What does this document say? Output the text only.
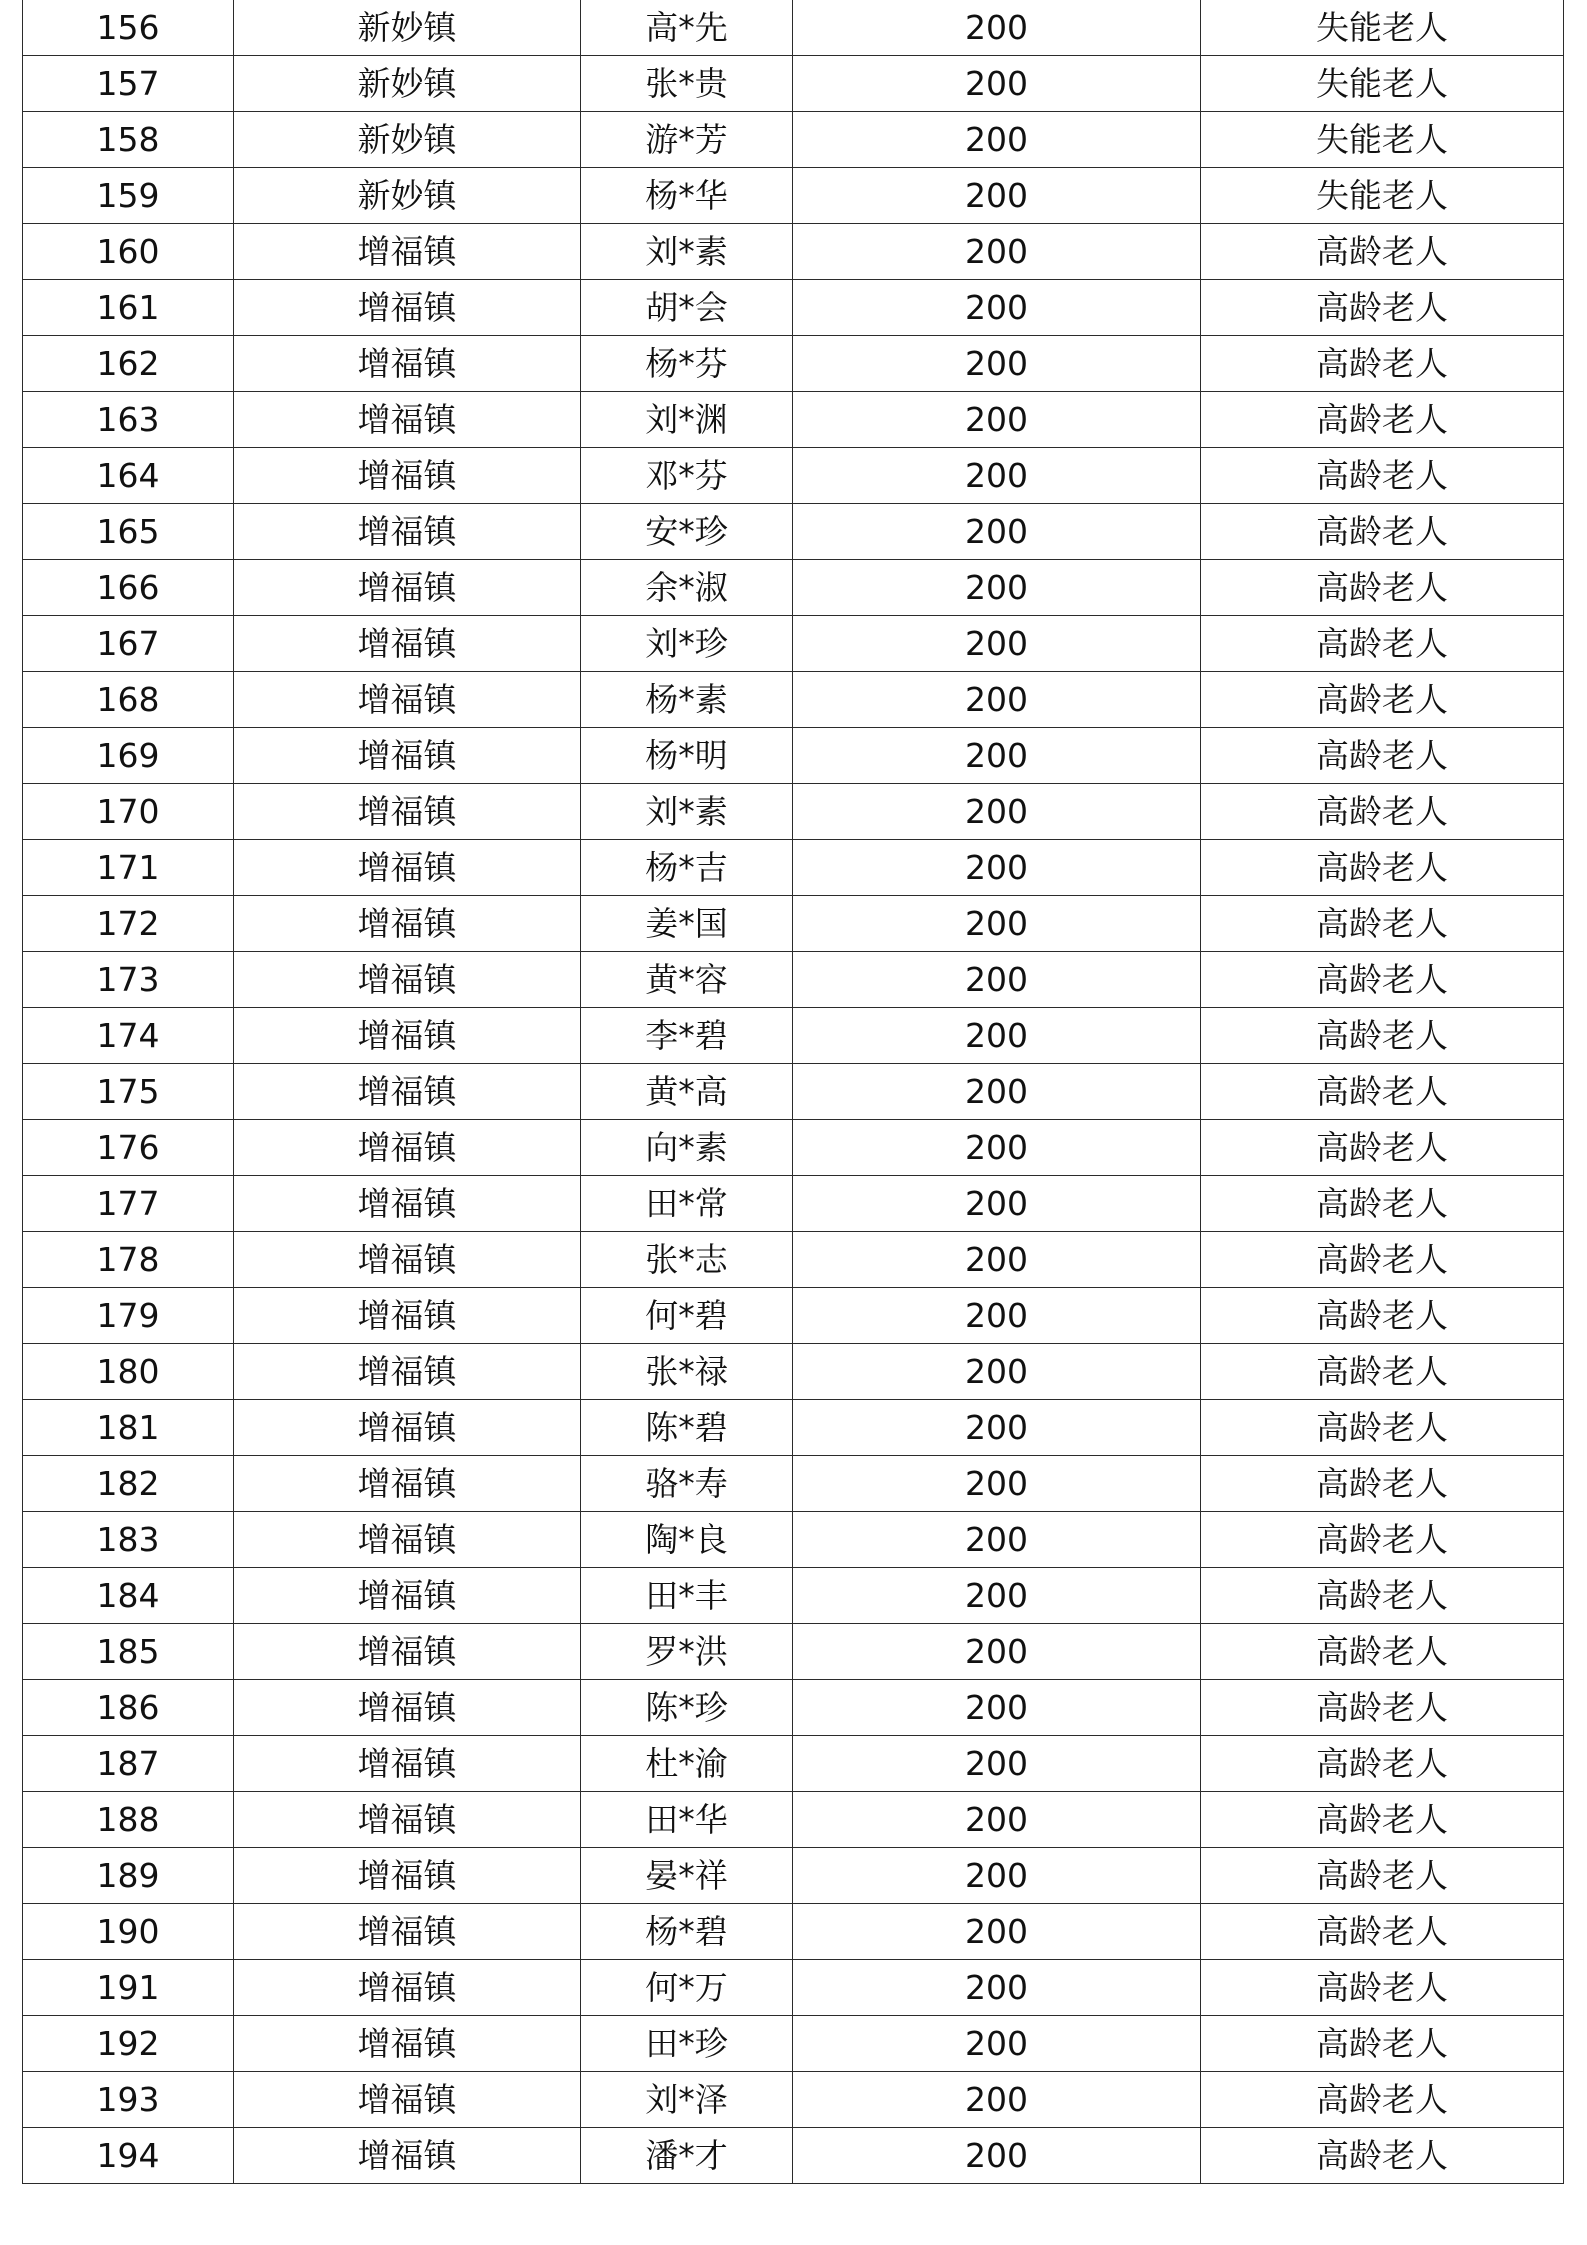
156	新妙镇	高*先	200	失能老人
157	新妙镇	张*贵	200	失能老人
158	新妙镇	游*芳	200	失能老人
159	新妙镇	杨*华	200	失能老人
160	增福镇	刘*素	200	高龄老人
161	增福镇	胡*会	200	高龄老人
162	增福镇	杨*芬	200	高龄老人
163	增福镇	刘*渊	200	高龄老人
164	增福镇	邓*芬	200	高龄老人
165	增福镇	安*珍	200	高龄老人
166	增福镇	余*淑	200	高龄老人
167	增福镇	刘*珍	200	高龄老人
168	增福镇	杨*素	200	高龄老人
169	增福镇	杨*明	200	高龄老人
170	增福镇	刘*素	200	高龄老人
171	增福镇	杨*吉	200	高龄老人
172	增福镇	姜*国	200	高龄老人
173	增福镇	黄*容	200	高龄老人
174	增福镇	李*碧	200	高龄老人
175	增福镇	黄*高	200	高龄老人
176	增福镇	向*素	200	高龄老人
177	增福镇	田*常	200	高龄老人
178	增福镇	张*志	200	高龄老人
179	增福镇	何*碧	200	高龄老人
180	增福镇	张*禄	200	高龄老人
181	增福镇	陈*碧	200	高龄老人
182	增福镇	骆*寿	200	高龄老人
183	增福镇	陶*良	200	高龄老人
184	增福镇	田*丰	200	高龄老人
185	增福镇	罗*洪	200	高龄老人
186	增福镇	陈*珍	200	高龄老人
187	增福镇	杜*渝	200	高龄老人
188	增福镇	田*华	200	高龄老人
189	增福镇	晏*祥	200	高龄老人
190	增福镇	杨*碧	200	高龄老人
191	增福镇	何*万	200	高龄老人
192	增福镇	田*珍	200	高龄老人
193	增福镇	刘*泽	200	高龄老人
194	增福镇	潘*才	200	高龄老人
